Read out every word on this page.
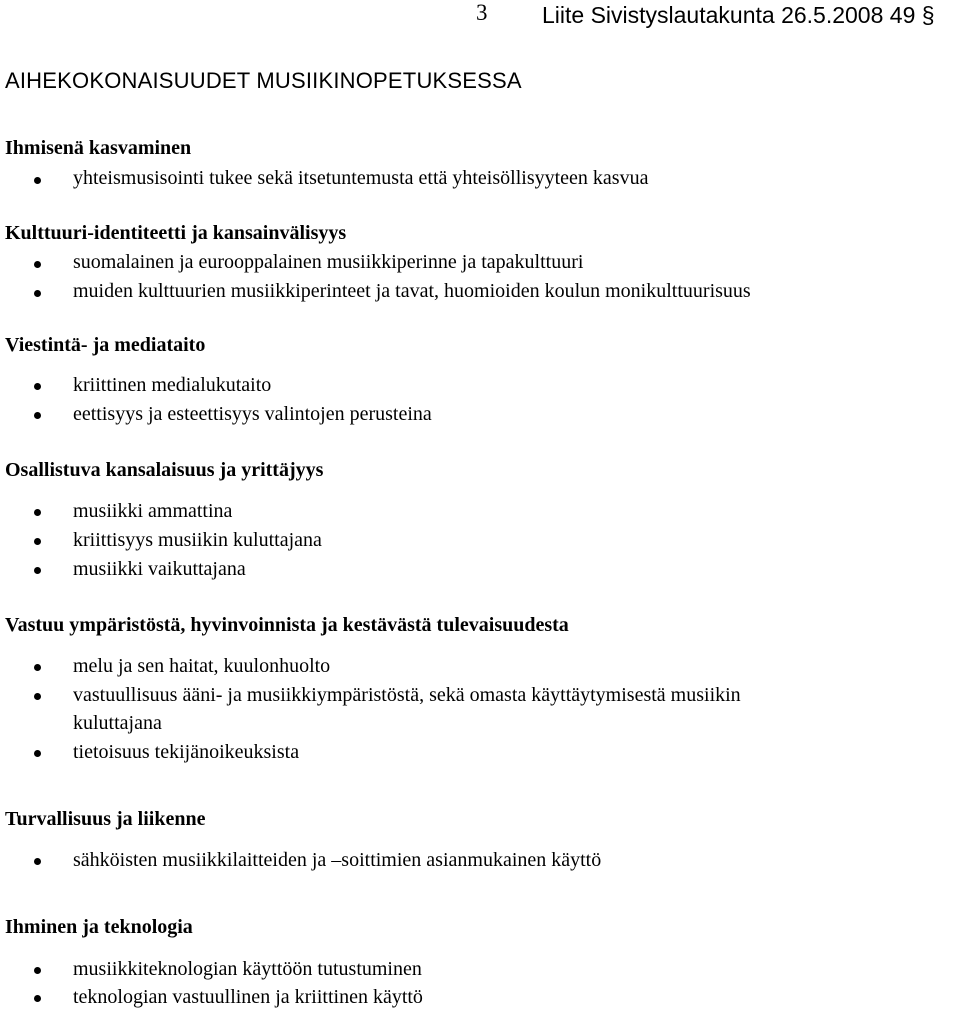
3 Liite Sivistyslautakunta 26.5.2008 49 §
AIHEKOKONAISUUDET MUSIIKINOPETUKSESSA
Ihmisenä kasvaminen
yhteismusisointi tukee sekä itsetuntemusta että yhteisöllisyyteen kasvua
Kulttuuri-identiteetti ja kansainvälisyys
suomalainen ja eurooppalainen musiikkiperinne ja tapakulttuuri
muiden kulttuurien musiikkiperinteet ja tavat, huomioiden koulun monikulttuurisuus
Viestintä- ja mediataito
kriittinen medialukutaito
eettisyys ja esteettisyys valintojen perusteina
Osallistuva kansalaisuus ja yrittäjyys
musiikki ammattina
kriittisyys musiikin kuluttajana
musiikki vaikuttajana
Vastuu ympäristöstä, hyvinvoinnista ja kestävästä tulevaisuudesta
melu ja sen haitat, kuulonhuolto
vastuullisuus ääni- ja musiikkiympäristöstä, sekä omasta käyttäytymisestä musiikin
kuluttajana
tietoisuus tekijänoikeuksista
Turvallisuus ja liikenne
sähköisten musiikkilaitteiden ja –soittimien asianmukainen käyttö
Ihminen ja teknologia
musiikkiteknologian käyttöön tutustuminen
teknologian vastuullinen ja kriittinen käyttö
